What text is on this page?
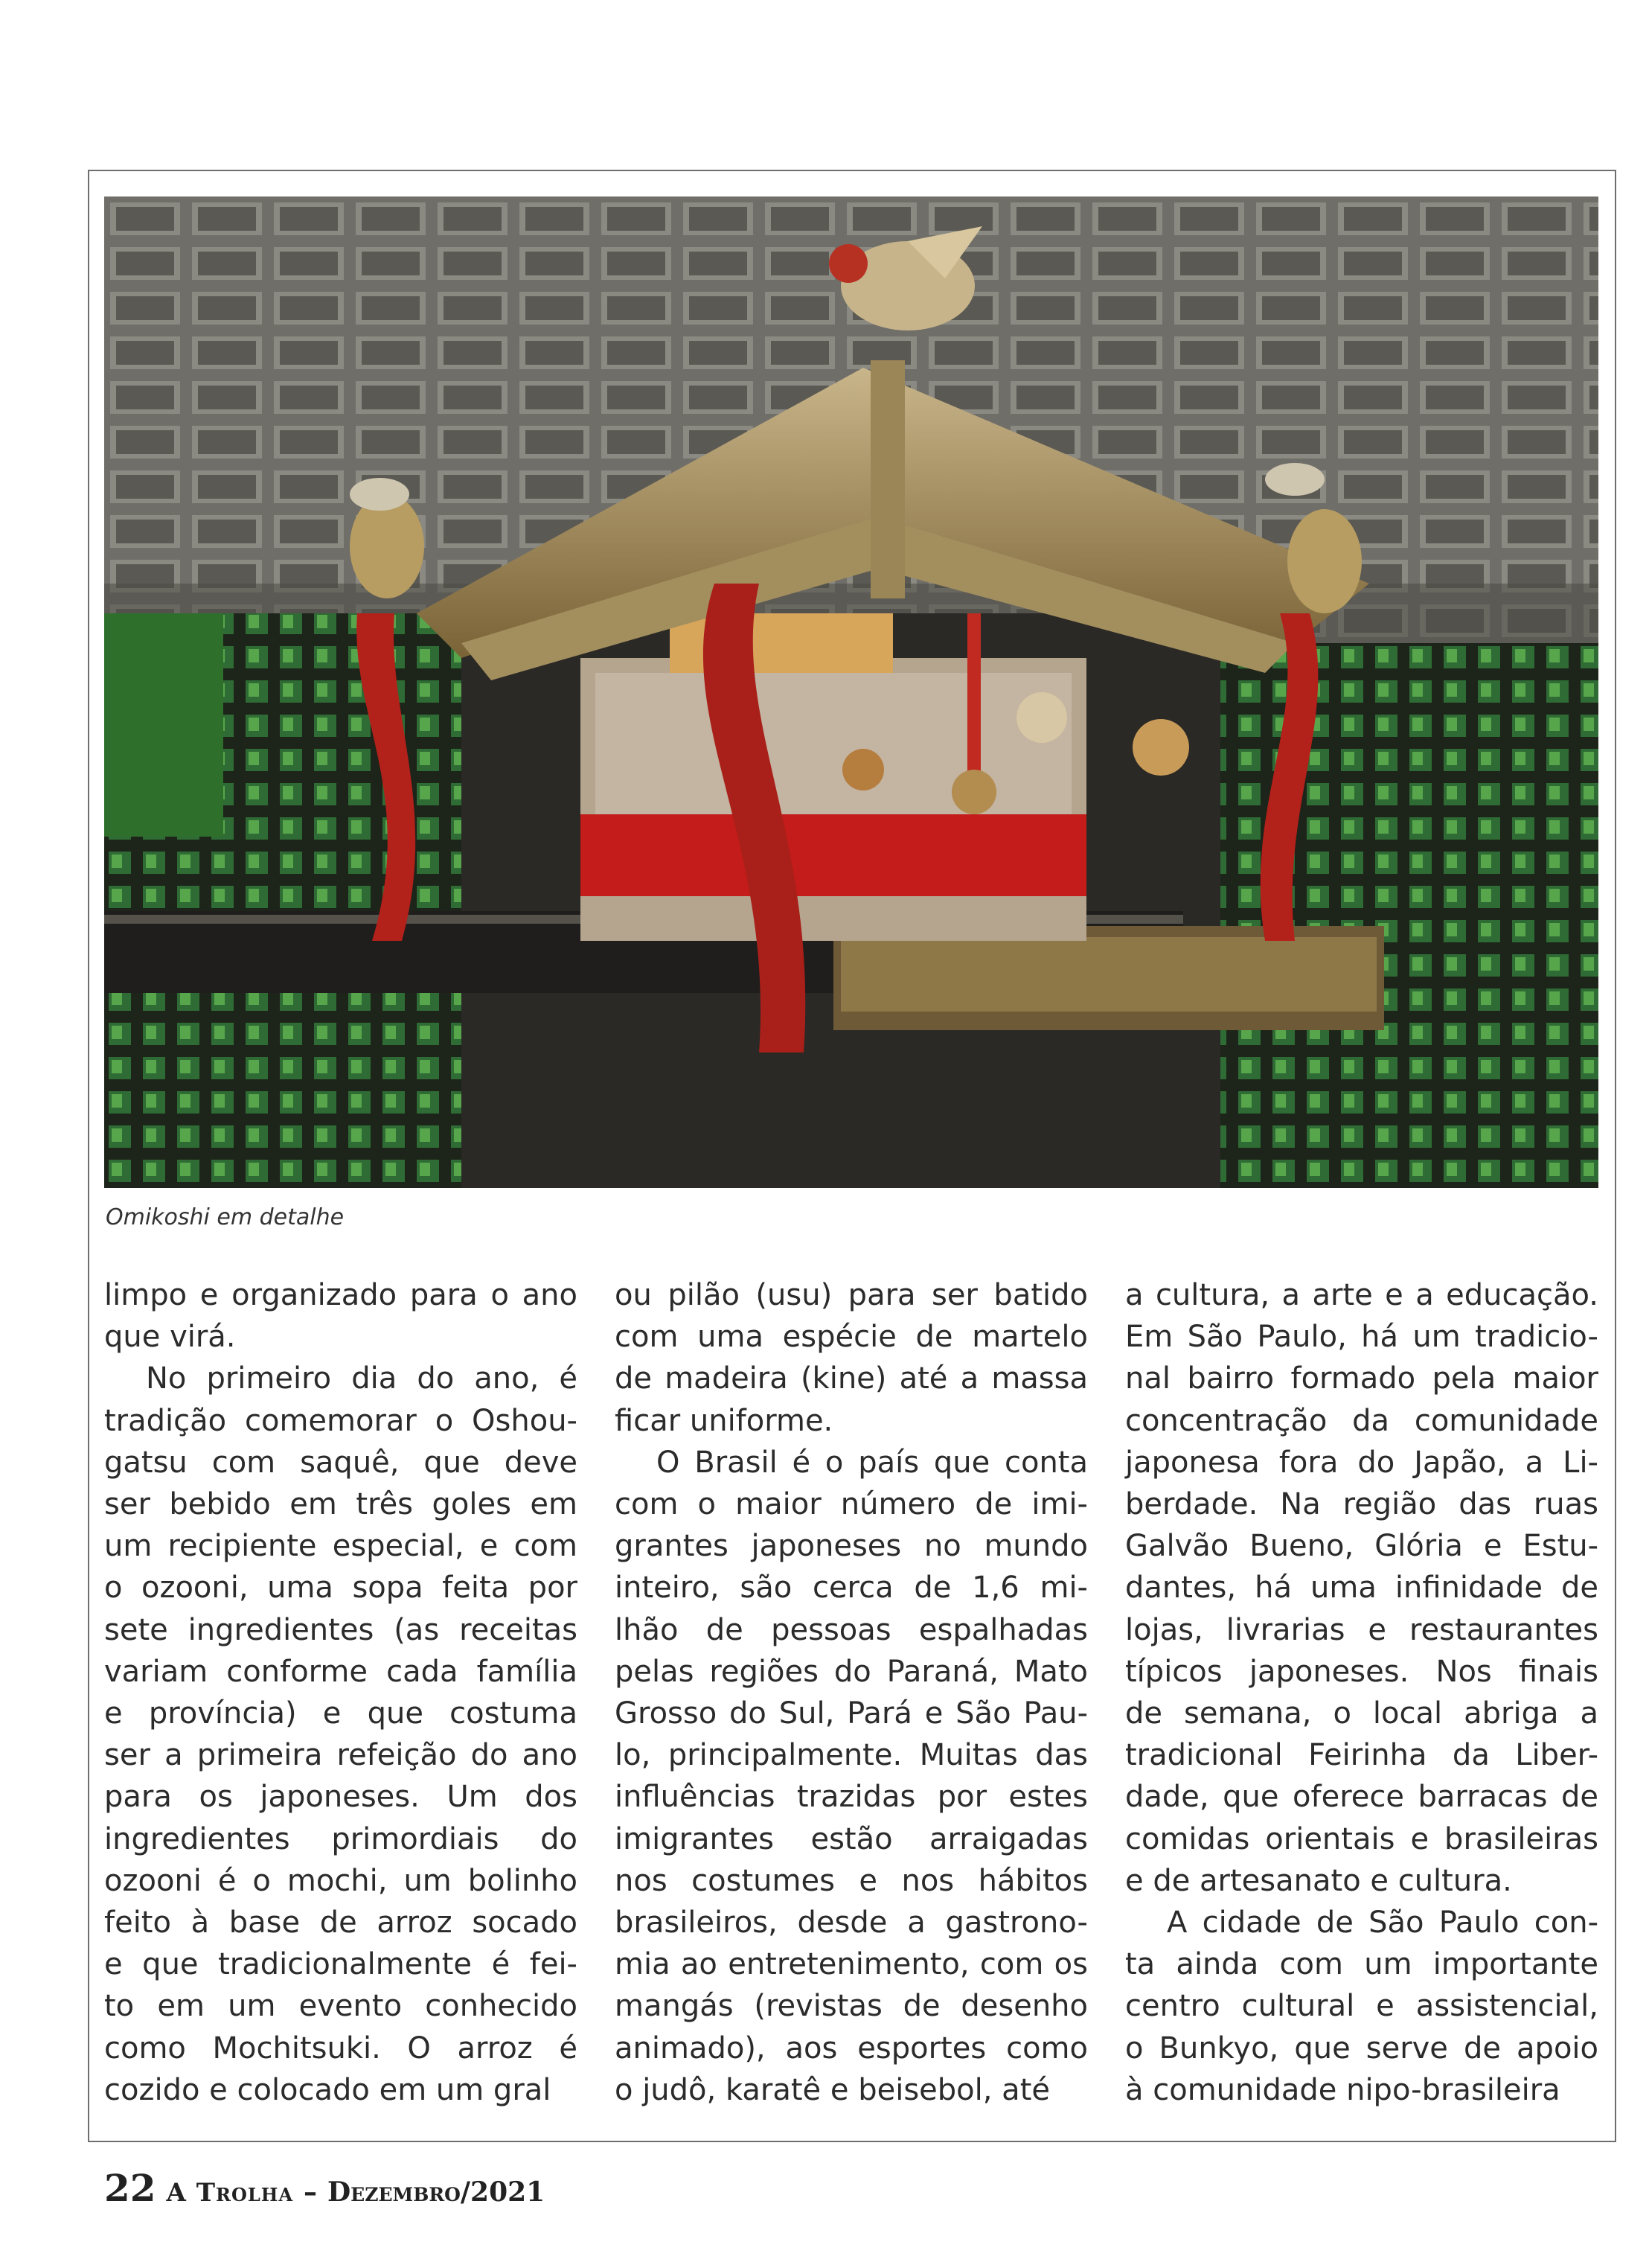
Omikoshi em detalhe

limpo e organizado para o ano
que virá.

No primeiro dia do ano, é
tradição comemorar o Oshou-
gatsu com saquê, que deve
ser bebido em três goles em
um recipiente especial, e com
o ozooni, uma sopa feita por
sete ingredientes (as receitas
variam conforme cada família
e província) e que costuma
ser a primeira refeição do ano
para os japoneses. Um dos
ingredientes primordiais do
ozooni é o mochi, um bolinho
feito à base de arroz socado
e que tradicionalmente é fei-
to em um evento conhecido
como Mochitsuki. O arroz é
cozido e colocado em um gral

ou pilão (usu) para ser batido
com uma espécie de martelo
de madeira (kine) até a massa
ficar uniforme.

O Brasil é o país que conta
com o maior número de imi-
grantes japoneses no mundo
inteiro, são cerca de 1,6 mi-
lhão de pessoas espalhadas
pelas regiões do Paraná, Mato
Grosso do Sul, Pará e São Pau-
lo, principalmente. Muitas das
influências trazidas por estes
imigrantes estão arraigadas
nos costumes e nos hábitos
brasileiros, desde a gastrono-
mia ao entretenimento, com os
mangás (revistas de desenho
animado), aos esportes como
o judô, karatê e beisebol, até

a cultura, a arte e a educação.
Em São Paulo, há um tradicio-
nal bairro formado pela maior
concentração da comunidade
japonesa fora do Japão, a Li-
berdade. Na região das ruas
Galvão Bueno, Glória e Estu-
dantes, há uma infinidade de
lojas, livrarias e restaurantes
típicos japoneses. Nos finais
de semana, o local abriga a
tradicional Feirinha da Liber-
dade, que oferece barracas de
comidas orientais e brasileiras
e de artesanato e cultura.

A cidade de São Paulo con-
ta ainda com um importante
centro cultural e assistencial,
o Bunkyo, que serve de apoio
à comunidade nipo-brasileira

22 A Trolha – Dezembro/2021
